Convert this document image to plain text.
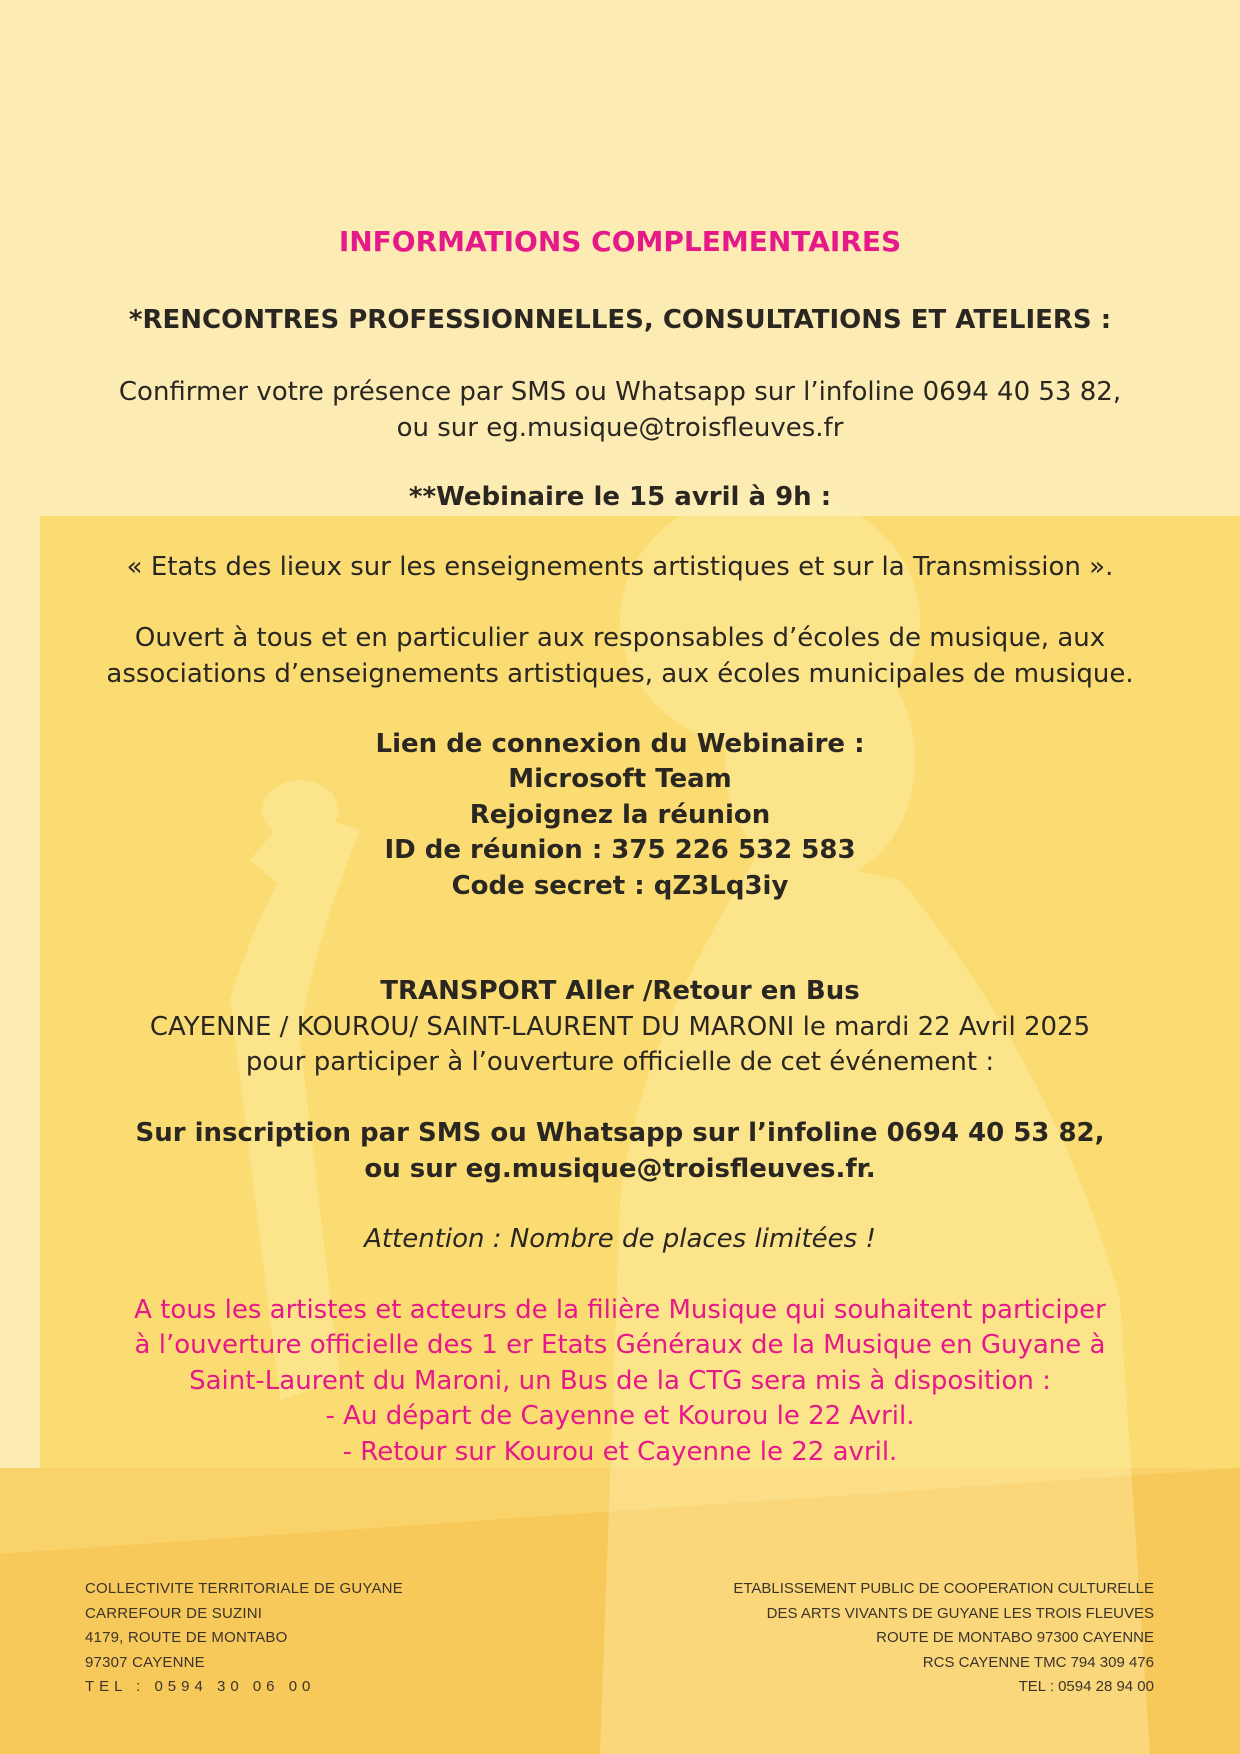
INFORMATIONS COMPLEMENTAIRES
*RENCONTRES PROFESSIONNELLES, CONSULTATIONS ET ATELIERS :
Confirmer votre présence par SMS ou Whatsapp sur l’infoline 0694 40 53 82,
ou sur eg.musique@troisfleuves.fr
**Webinaire le 15 avril à 9h :
« Etats des lieux sur les enseignements artistiques et sur la Transmission ».
Ouvert à tous et en particulier aux responsables d’écoles de musique, aux
associations d’enseignements artistiques, aux écoles municipales de musique.
Lien de connexion du Webinaire :
Microsoft Team
Rejoignez la réunion
ID de réunion : 375 226 532 583
Code secret : qZ3Lq3iy
TRANSPORT Aller /Retour en Bus
CAYENNE / KOUROU/ SAINT-LAURENT DU MARONI le mardi 22 Avril 2025
pour participer à l’ouverture officielle de cet événement :
Sur inscription par SMS ou Whatsapp sur l’infoline 0694 40 53 82,
ou sur eg.musique@troisfleuves.fr.
Attention : Nombre de places limitées !
A tous les artistes et acteurs de la filière Musique qui souhaitent participer
à l’ouverture officielle des 1 er Etats Généraux de la Musique en Guyane à
Saint-Laurent du Maroni, un Bus de la CTG sera mis à disposition :
- Au départ de Cayenne et Kourou le 22 Avril.
- Retour sur Kourou et Cayenne le 22 avril.
COLLECTIVITE TERRITORIALE DE GUYANE
CARREFOUR DE SUZINI
4179, ROUTE DE MONTABO
97307 CAYENNE
TEL : 0594 30 06 00
ETABLISSEMENT PUBLIC DE COOPERATION CULTURELLE
DES ARTS VIVANTS DE GUYANE LES TROIS FLEUVES
ROUTE DE MONTABO 97300 CAYENNE
RCS CAYENNE TMC 794 309 476
TEL : 0594 28 94 00
